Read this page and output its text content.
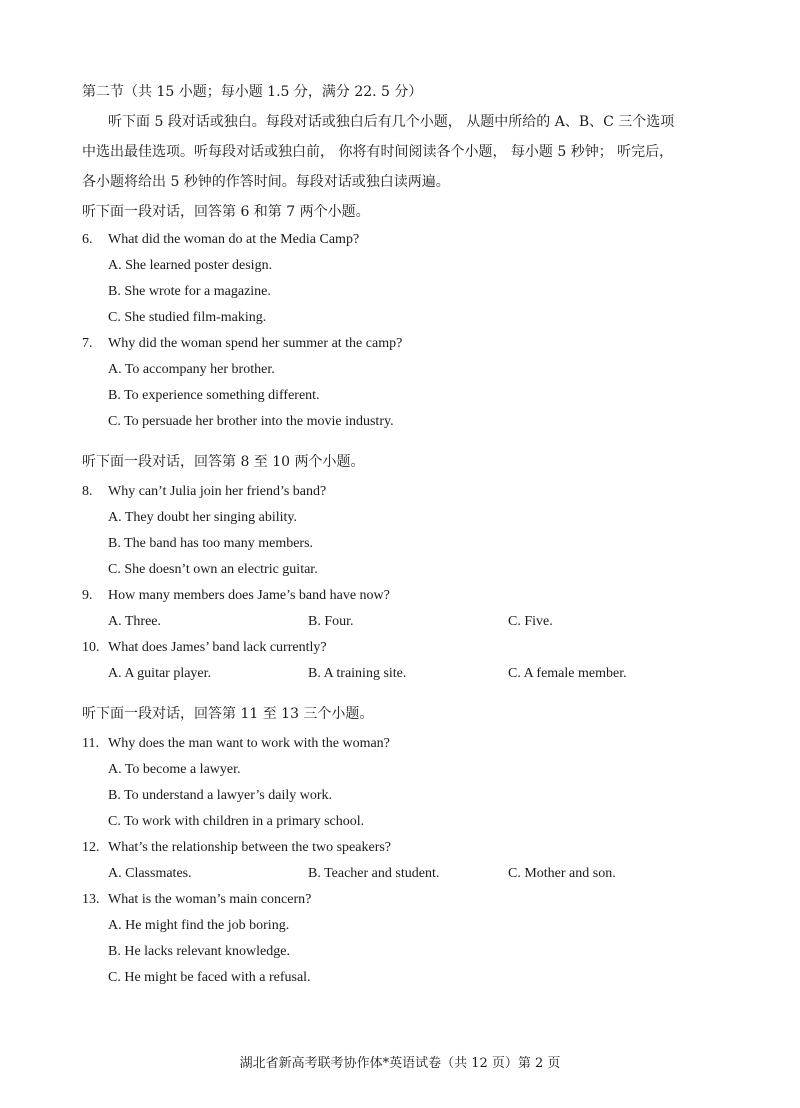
第二节（共 15 小题；每小题 1.5 分，满分 22. 5 分）
听下面 5 段对话或独白。每段对话或独白后有几个小题， 从题中所给的 A、B、C 三个选项
中选出最佳选项。听每段对话或独白前， 你将有时间阅读各个小题， 每小题 5 秒钟； 听完后，
各小题将给出 5 秒钟的作答时间。每段对话或独白读两遍。
听下面一段对话，回答第 6 和第 7 两个小题。
6. What did the woman do at the Media Camp?
A. She learned poster design.
B. She wrote for a magazine.
C. She studied film-making.
7. Why did the woman spend her summer at the camp?
A. To accompany her brother.
B. To experience something different.
C. To persuade her brother into the movie industry.
听下面一段对话，回答第 8 至 10 两个小题。
8. Why can’t Julia join her friend’s band?
A. They doubt her singing ability.
B. The band has too many members.
C. She doesn’t own an electric guitar.
9. How many members does Jame’s band have now?
A. Three.	B. Four.	C. Five.
10. What does James’ band lack currently?
A. A guitar player.	B. A training site.	C. A female member.
听下面一段对话，回答第 11 至 13 三个小题。
11. Why does the man want to work with the woman?
A. To become a lawyer.
B. To understand a lawyer’s daily work.
C. To work with children in a primary school.
12. What’s the relationship between the two speakers?
A. Classmates.	B. Teacher and student.	C. Mother and son.
13. What is the woman’s main concern?
A. He might find the job boring.
B. He lacks relevant knowledge.
C. He might be faced with a refusal.
湖北省新高考联考协作体*英语试卷（共 12 页）第 2 页
